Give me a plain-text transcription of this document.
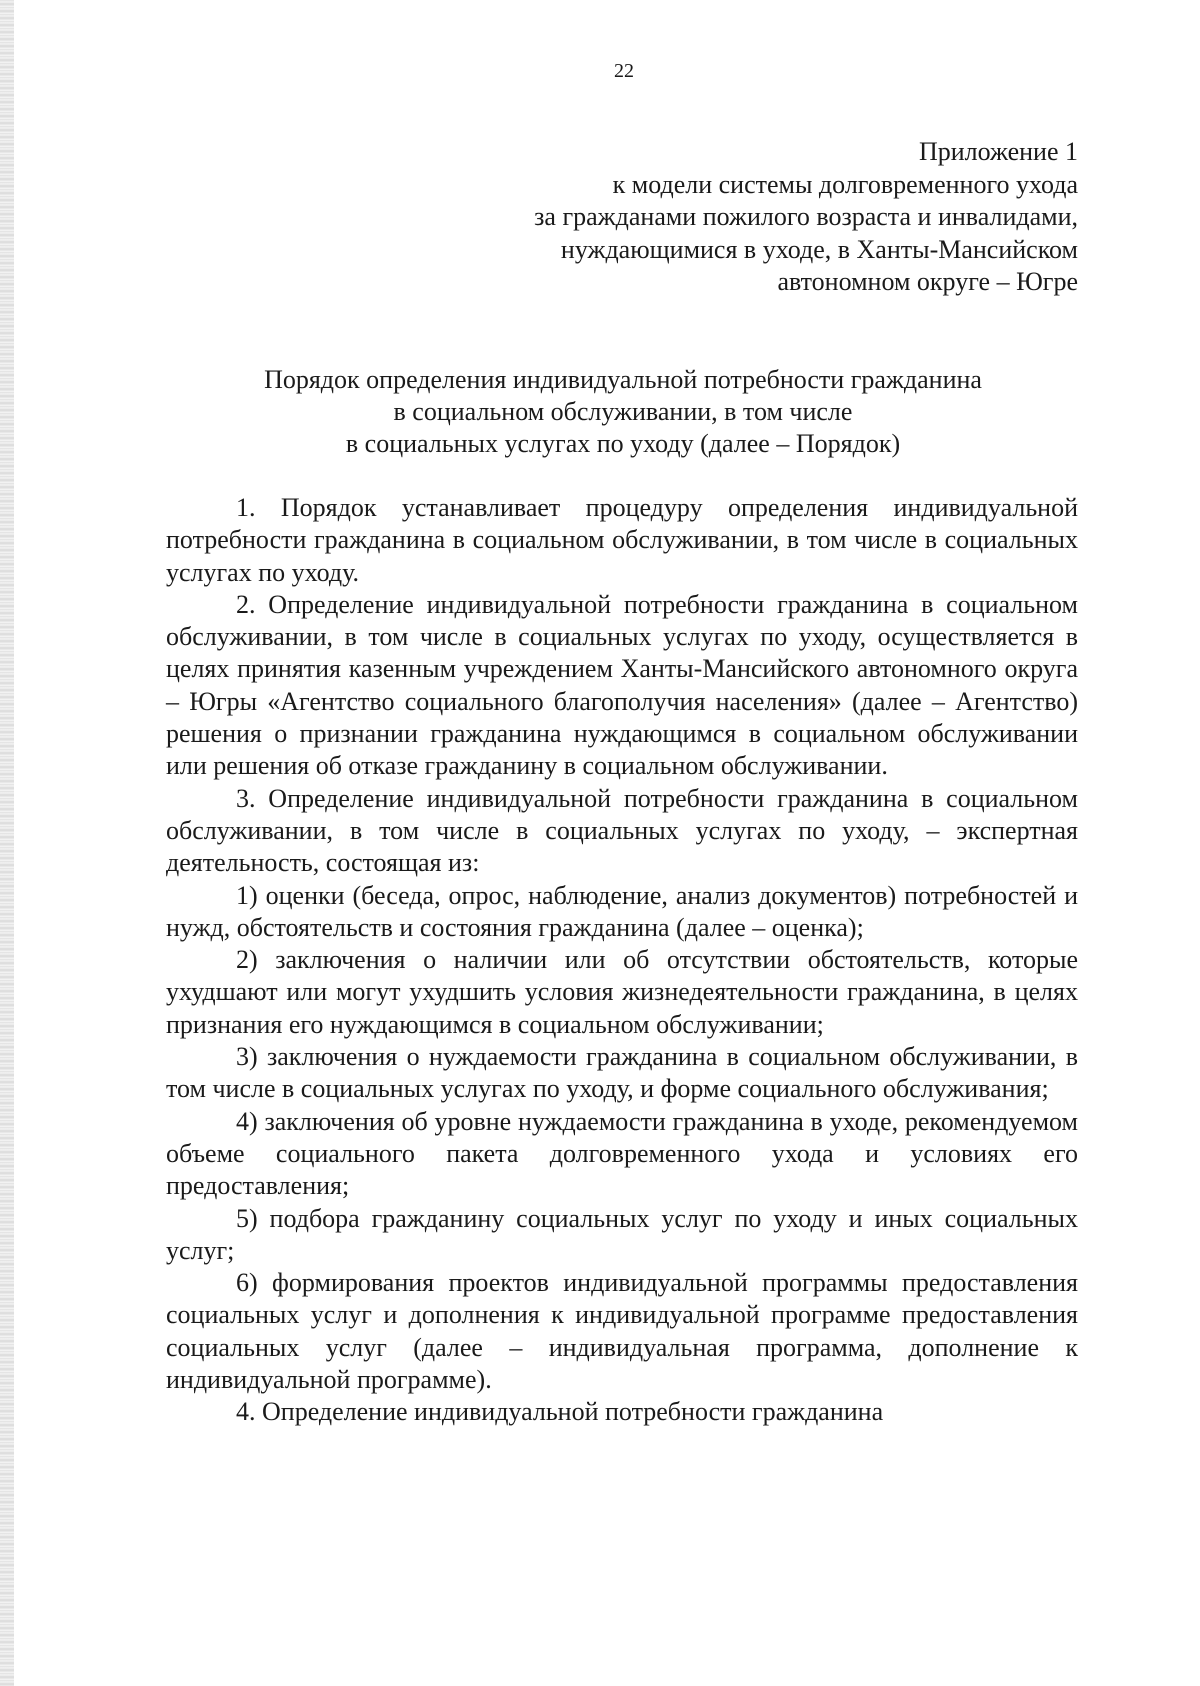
22
Приложение 1
к модели системы долговременного ухода
за гражданами пожилого возраста и инвалидами,
нуждающимися в уходе, в Ханты-Мансийском
автономном округе – Югре
Порядок определения индивидуальной потребности гражданина
в социальном обслуживании, в том числе
в социальных услугах по уходу (далее – Порядок)

1. Порядок устанавливает процедуру определения индивидуальной потребности гражданина в социальном обслуживании, в том числе в социальных услугах по уходу.

2. Определение индивидуальной потребности гражданина в социальном обслуживании, в том числе в социальных услугах по уходу, осуществляется в целях принятия казенным учреждением Ханты-Мансийского автономного округа – Югры «Агентство социального благополучия населения» (далее – Агентство) решения о признании гражданина нуждающимся в социальном обслуживании или решения об отказе гражданину в социальном обслуживании.

3. Определение индивидуальной потребности гражданина в социальном обслуживании, в том числе в социальных услугах по уходу, – экспертная деятельность, состоящая из:

1) оценки (беседа, опрос, наблюдение, анализ документов) потребностей и нужд, обстоятельств и состояния гражданина (далее – оценка);

2) заключения о наличии или об отсутствии обстоятельств, которые ухудшают или могут ухудшить условия жизнедеятельности гражданина, в целях признания его нуждающимся в социальном обслуживании;

3) заключения о нуждаемости гражданина в социальном обслуживании, в том числе в социальных услугах по уходу, и форме социального обслуживания;

4) заключения об уровне нуждаемости гражданина в уходе, рекомендуемом объеме социального пакета долговременного ухода и условиях его предоставления;

5) подбора гражданину социальных услуг по уходу и иных социальных услуг;

6) формирования проектов индивидуальной программы предоставления социальных услуг и дополнения к индивидуальной программе предоставления социальных услуг (далее – индивидуальная программа, дополнение к индивидуальной программе).

4. Определение индивидуальной потребности гражданина
